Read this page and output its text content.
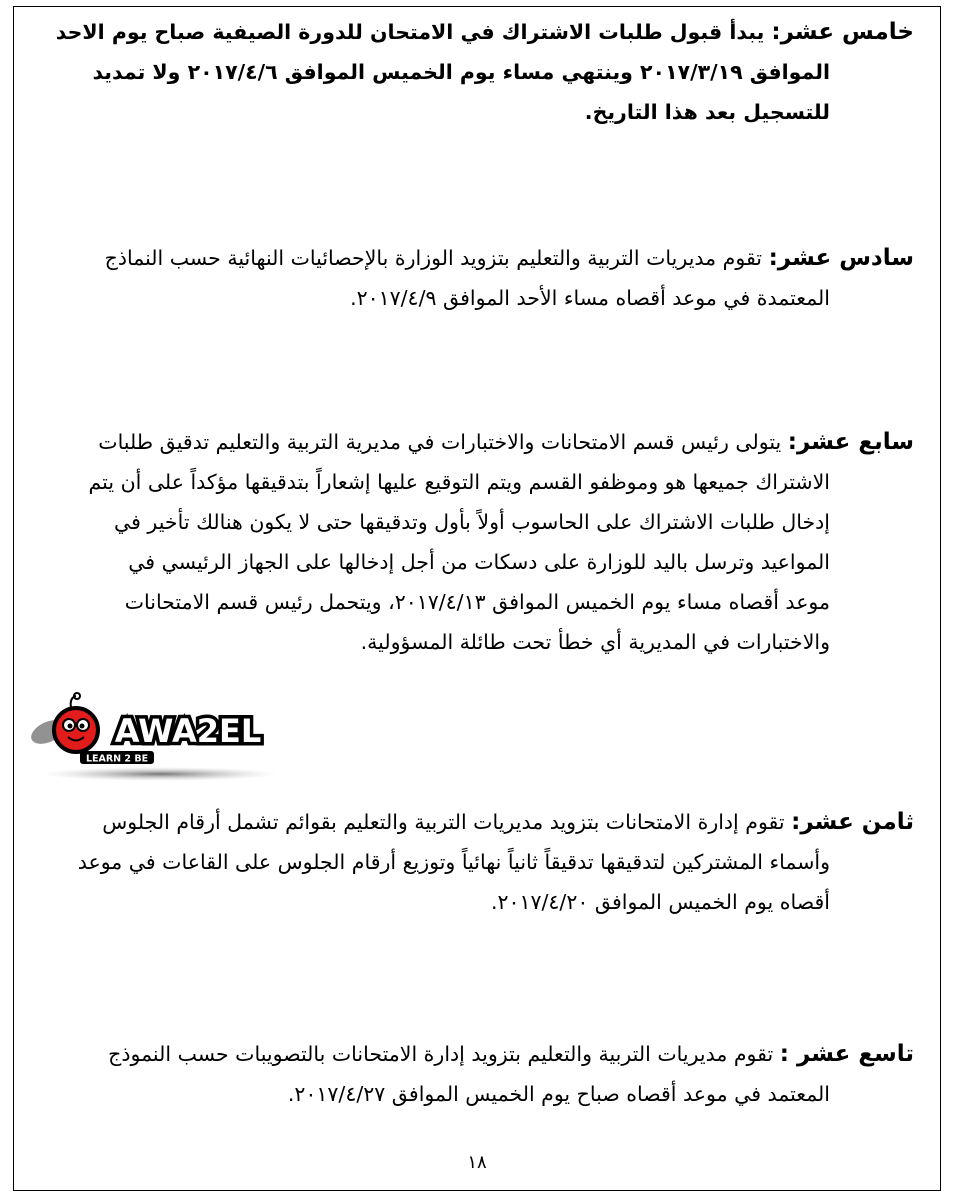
خامس عشر: يبدأ قبول طلبات الاشتراك في الامتحان للدورة الصيفية صباح يوم الاحد
الموافق ٢٠١٧/٣/١٩ وينتهي مساء يوم الخميس الموافق ٢٠١٧/٤/٦ ولا تمديد
للتسجيل بعد هذا التاريخ.
سادس عشر: تقوم مديريات التربية والتعليم بتزويد الوزارة بالإحصائيات النهائية حسب النماذج
المعتمدة في موعد أقصاه مساء الأحد الموافق ٢٠١٧/٤/٩.
سابع عشر: يتولى رئيس قسم الامتحانات والاختبارات في مديرية التربية والتعليم تدقيق طلبات
الاشتراك جميعها هو وموظفو القسم ويتم التوقيع عليها إشعاراً بتدقيقها مؤكداً على أن يتم
إدخال طلبات الاشتراك على الحاسوب أولاً بأول وتدقيقها حتى لا يكون هنالك تأخير في
المواعيد وترسل باليد للوزارة على دسكات من أجل إدخالها على الجهاز الرئيسي في
موعد أقصاه مساء يوم الخميس الموافق ٢٠١٧/٤/١٣، ويتحمل رئيس قسم الامتحانات
والاختبارات في المديرية أي خطأ تحت طائلة المسؤولية.
AWA2EL
LEARN 2 BE
ثامن عشر: تقوم إدارة الامتحانات بتزويد مديريات التربية والتعليم بقوائم تشمل أرقام الجلوس
وأسماء المشتركين لتدقيقها تدقيقاً ثانياً نهائياً وتوزيع أرقام الجلوس على القاعات في موعد
أقصاه يوم الخميس الموافق ٢٠١٧/٤/٢٠.
تاسع عشر : تقوم مديريات التربية والتعليم بتزويد إدارة الامتحانات بالتصويبات حسب النموذج
المعتمد في موعد أقصاه صباح يوم الخميس الموافق ٢٠١٧/٤/٢٧.
١٨
